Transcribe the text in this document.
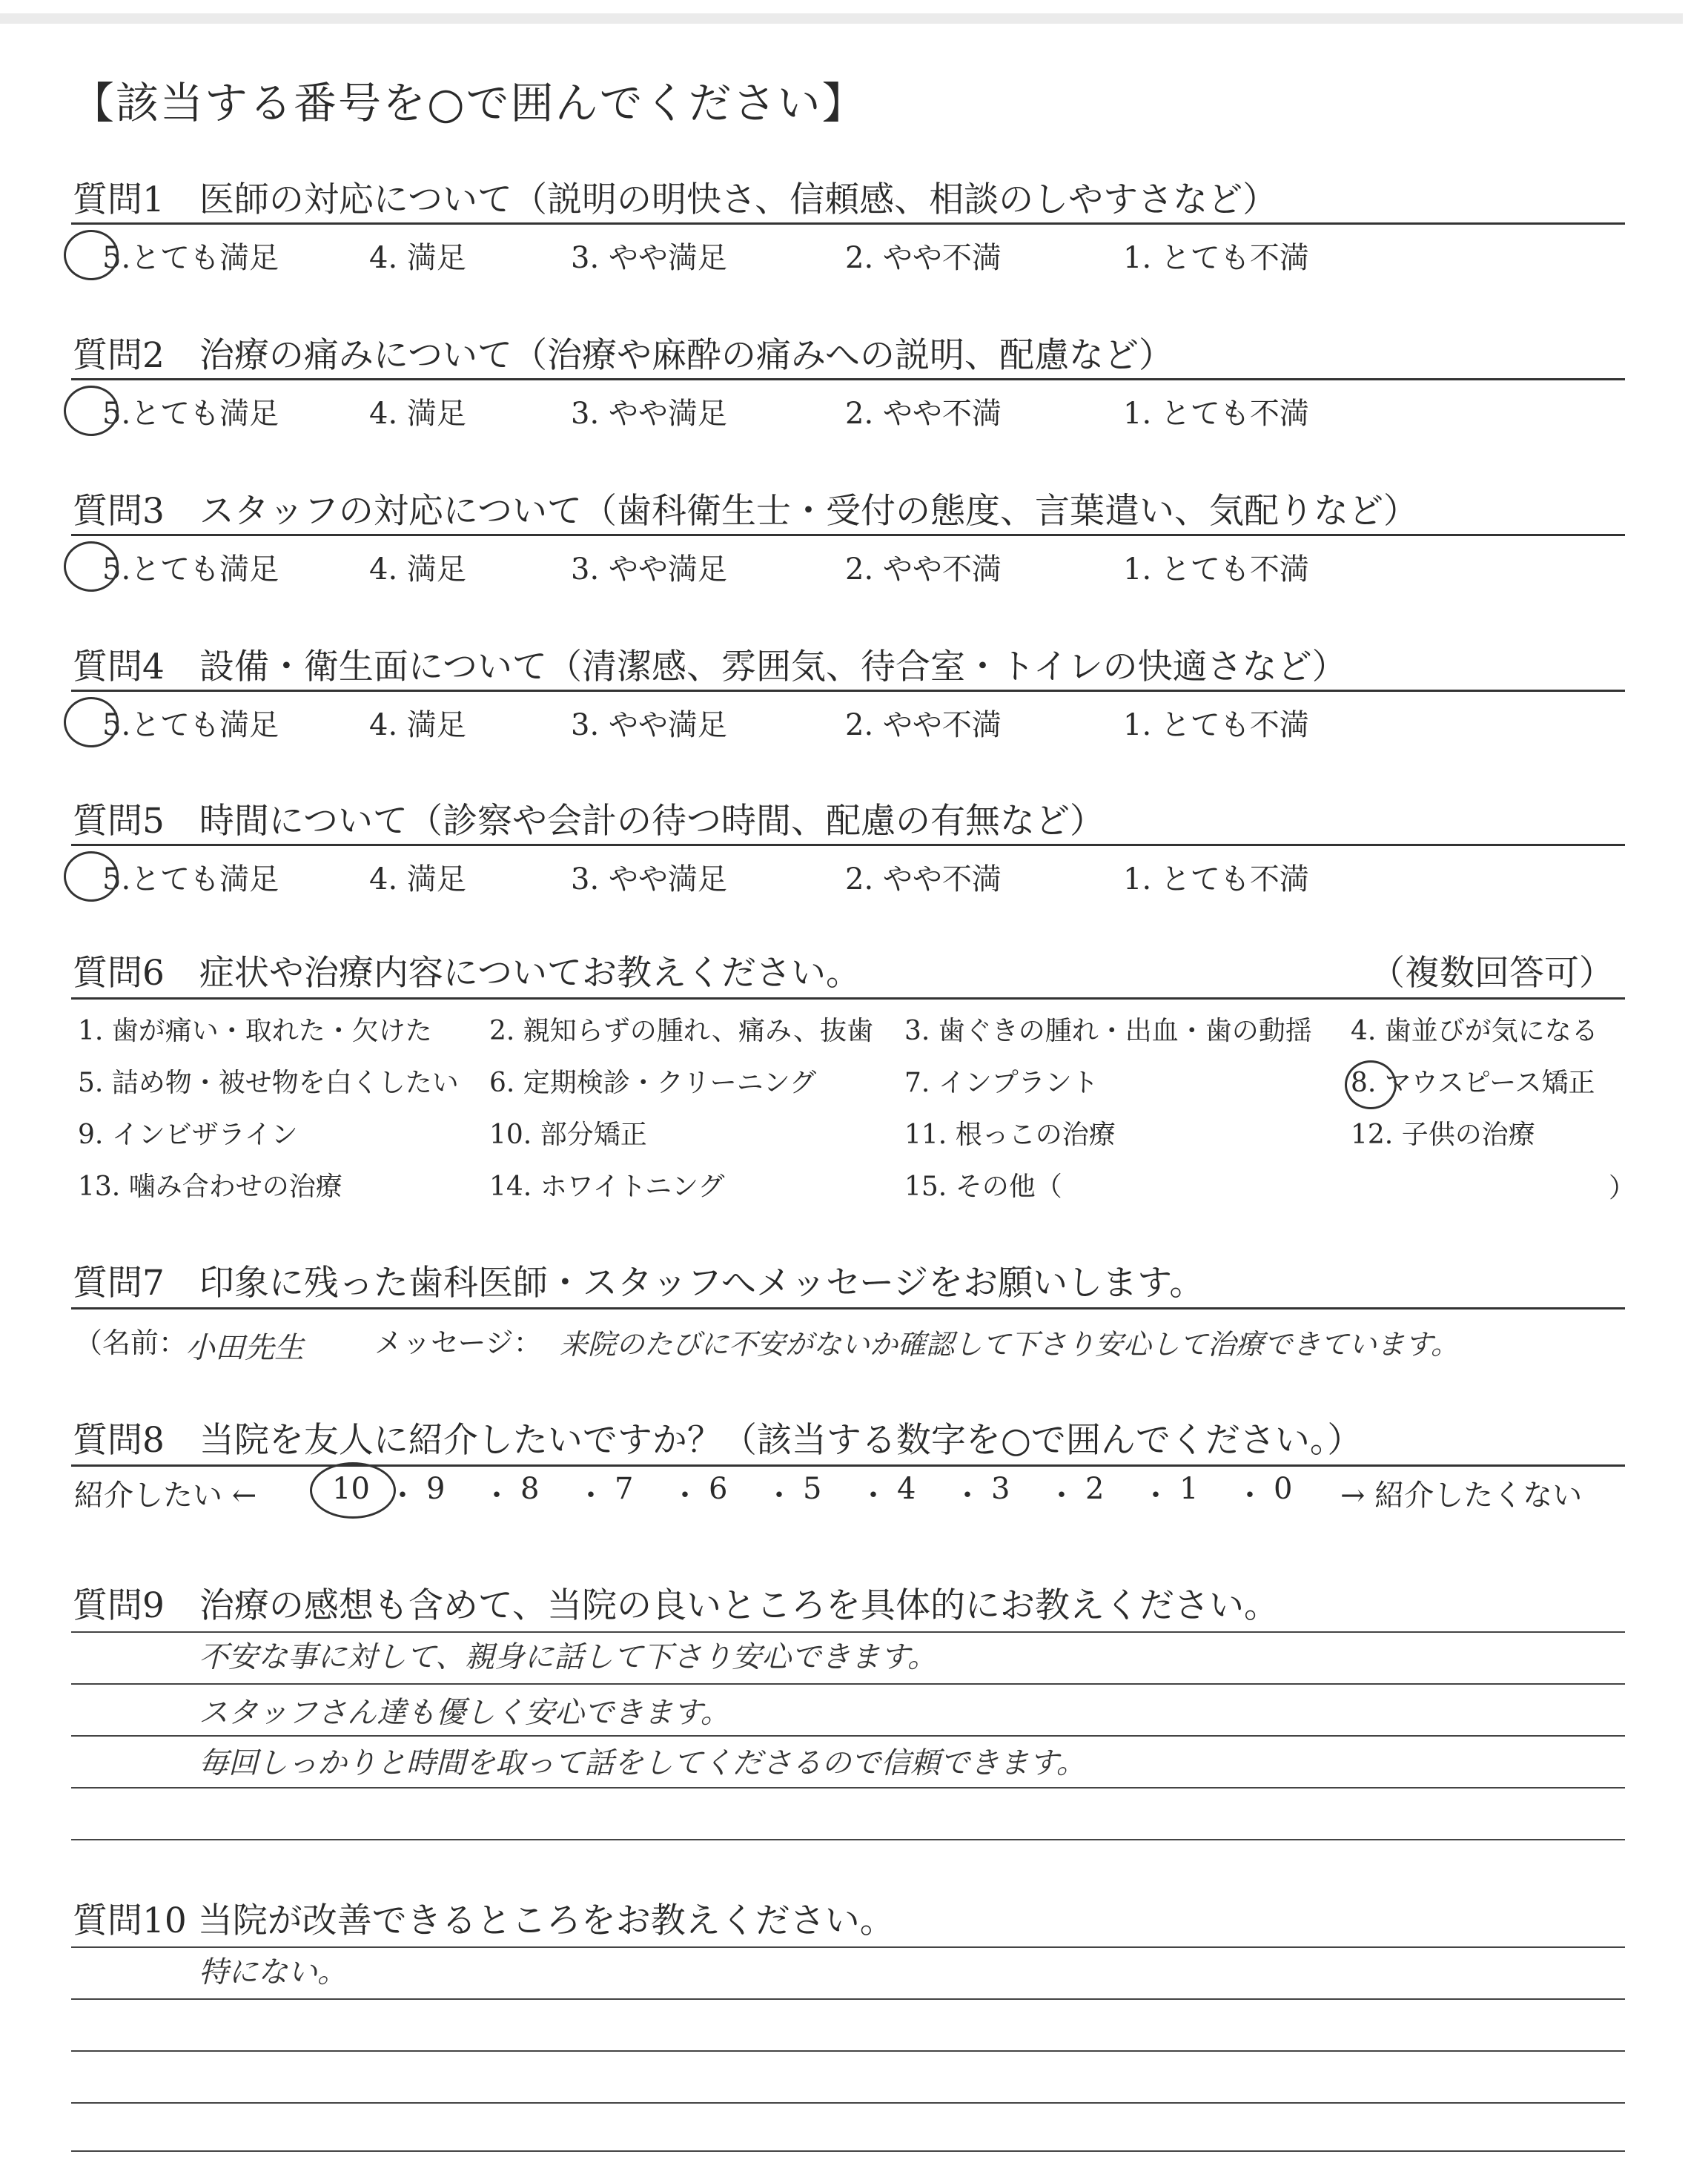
【該当する番号を○で囲んでください】
質問1　医師の対応について（説明の明快さ、信頼感、相談のしやすさなど）
5.とても満足	4. 満足	3. やや満足	2. やや不満	1. とても不満
質問2　治療の痛みについて（治療や麻酔の痛みへの説明、配慮など）
5.とても満足	4. 満足	3. やや満足	2. やや不満	1. とても不満
質問3　スタッフの対応について（歯科衛生士・受付の態度、言葉遣い、気配りなど）
5.とても満足	4. 満足	3. やや満足	2. やや不満	1. とても不満
質問4　設備・衛生面について（清潔感、雰囲気、待合室・トイレの快適さなど）
5.とても満足	4. 満足	3. やや満足	2. やや不満	1. とても不満
質問5　時間について（診察や会計の待つ時間、配慮の有無など）
5.とても満足	4. 満足	3. やや満足	2. やや不満	1. とても不満
質問6　症状や治療内容についてお教えください。	（複数回答可）
1. 歯が痛い・取れた・欠けた 2. 親知らずの腫れ、痛み、抜歯 3. 歯ぐきの腫れ・出血・歯の動揺 4. 歯並びが気になる
5. 詰め物・被せ物を白くしたい 6. 定期検診・クリーニング	7. インプラント	8. マウスピース矯正
9. インビザライン	10. 部分矯正	11. 根っこの治療	12. 子供の治療
13. 噛み合わせの治療	14. ホワイトニング	15. その他（	）
質問7　印象に残った歯科医師・スタッフへメッセージをお願いします。
（名前：
小田先生	メッセージ： 来院のたびに不安がないか確認して下さり安心して治療できています。
質問8　当院を友人に紹介したいですか？（該当する数字を○で囲んでください。）
紹介したい ←	10 ・ 9 ・ 8 ・ 7 ・ 6 ・ 5 ・ 4 ・ 3 ・ 2 ・ 1 ・ 0 → 紹介したくない
質問9　治療の感想も含めて、当院の良いところを具体的にお教えください。
不安な事に対して、親身に話して下さり安心できます。
スタッフさん達も優しく安心できます。
毎回しっかりと時間を取って話をしてくださるので信頼できます。
質問10 当院が改善できるところをお教えください。
特にない。
